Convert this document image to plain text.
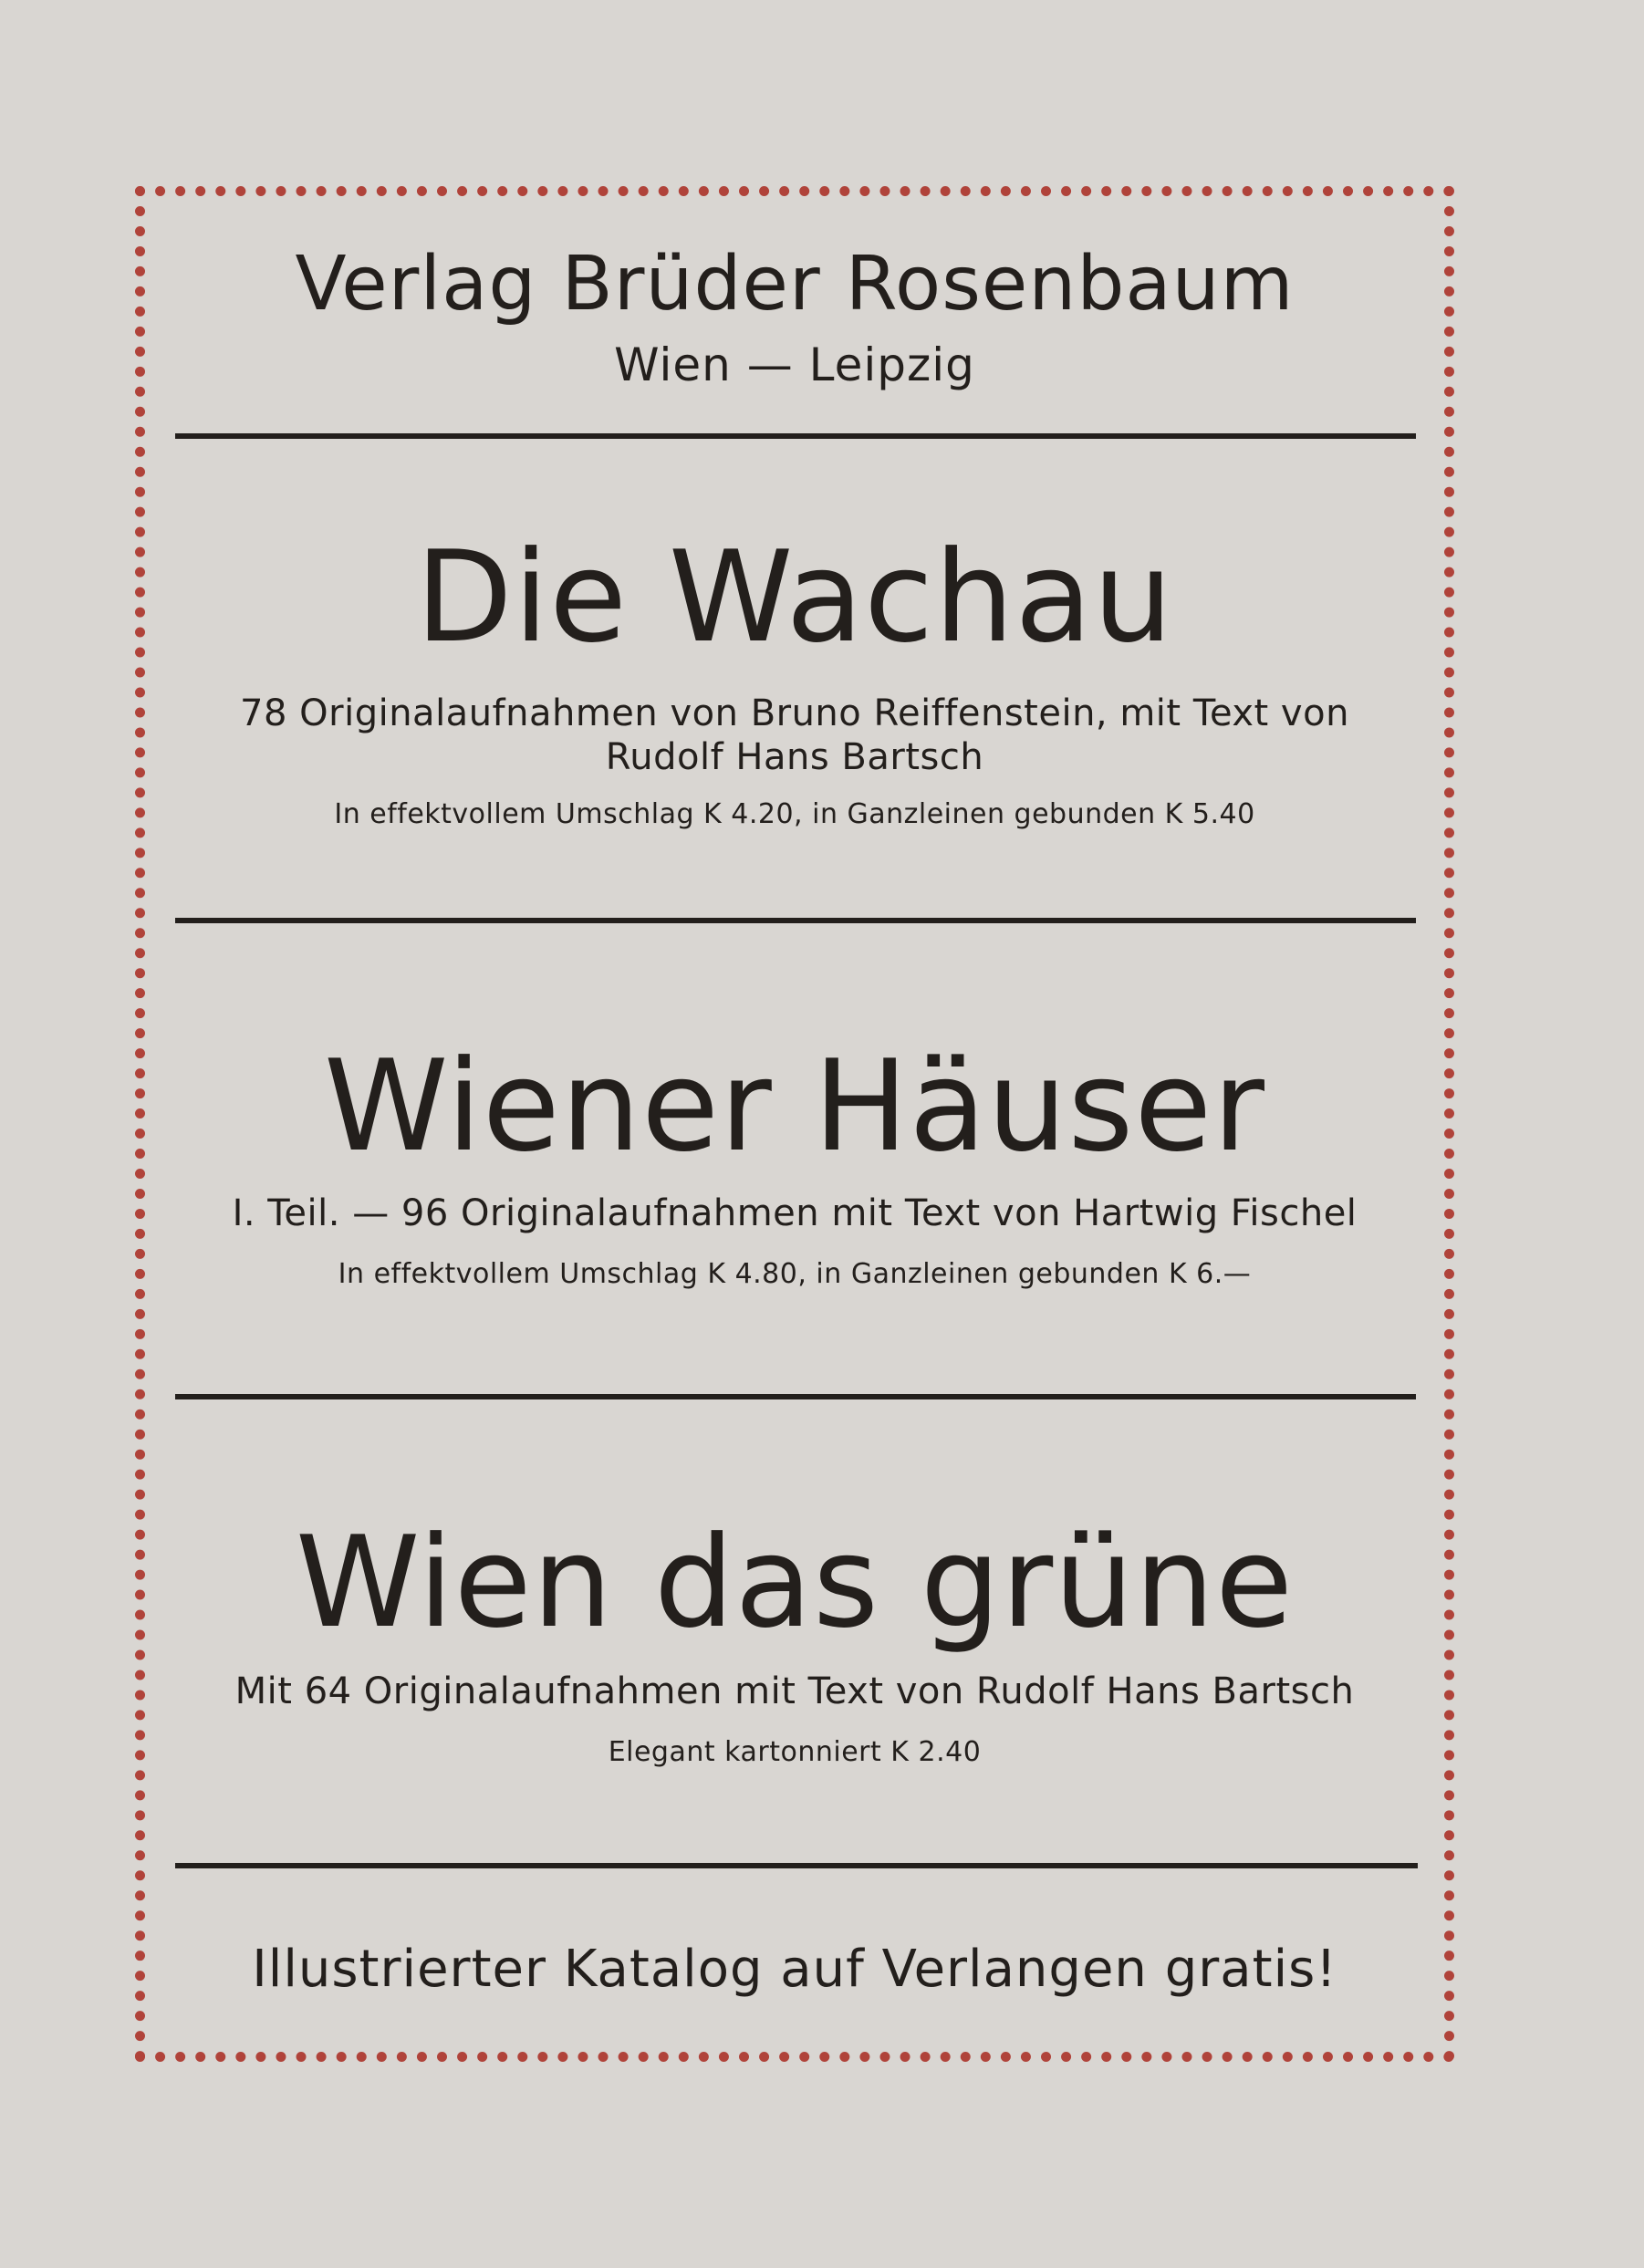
Verlag Brüder Rosenbaum

Wien — Leipzig

Die Wachau

78 Originalaufnahmen von Bruno Reiffenstein, mit Text von

Rudolf Hans Bartsch

In effektvollem Umschlag K 4.20, in Ganzleinen gebunden K 5.40

Wiener Häuser

I. Teil. — 96 Originalaufnahmen mit Text von Hartwig Fischel

In effektvollem Umschlag K 4.80, in Ganzleinen gebunden K 6.—

Wien das grüne

Mit 64 Originalaufnahmen mit Text von Rudolf Hans Bartsch

Elegant kartonniert K 2.40

Illustrierter Katalog auf Verlangen gratis!
